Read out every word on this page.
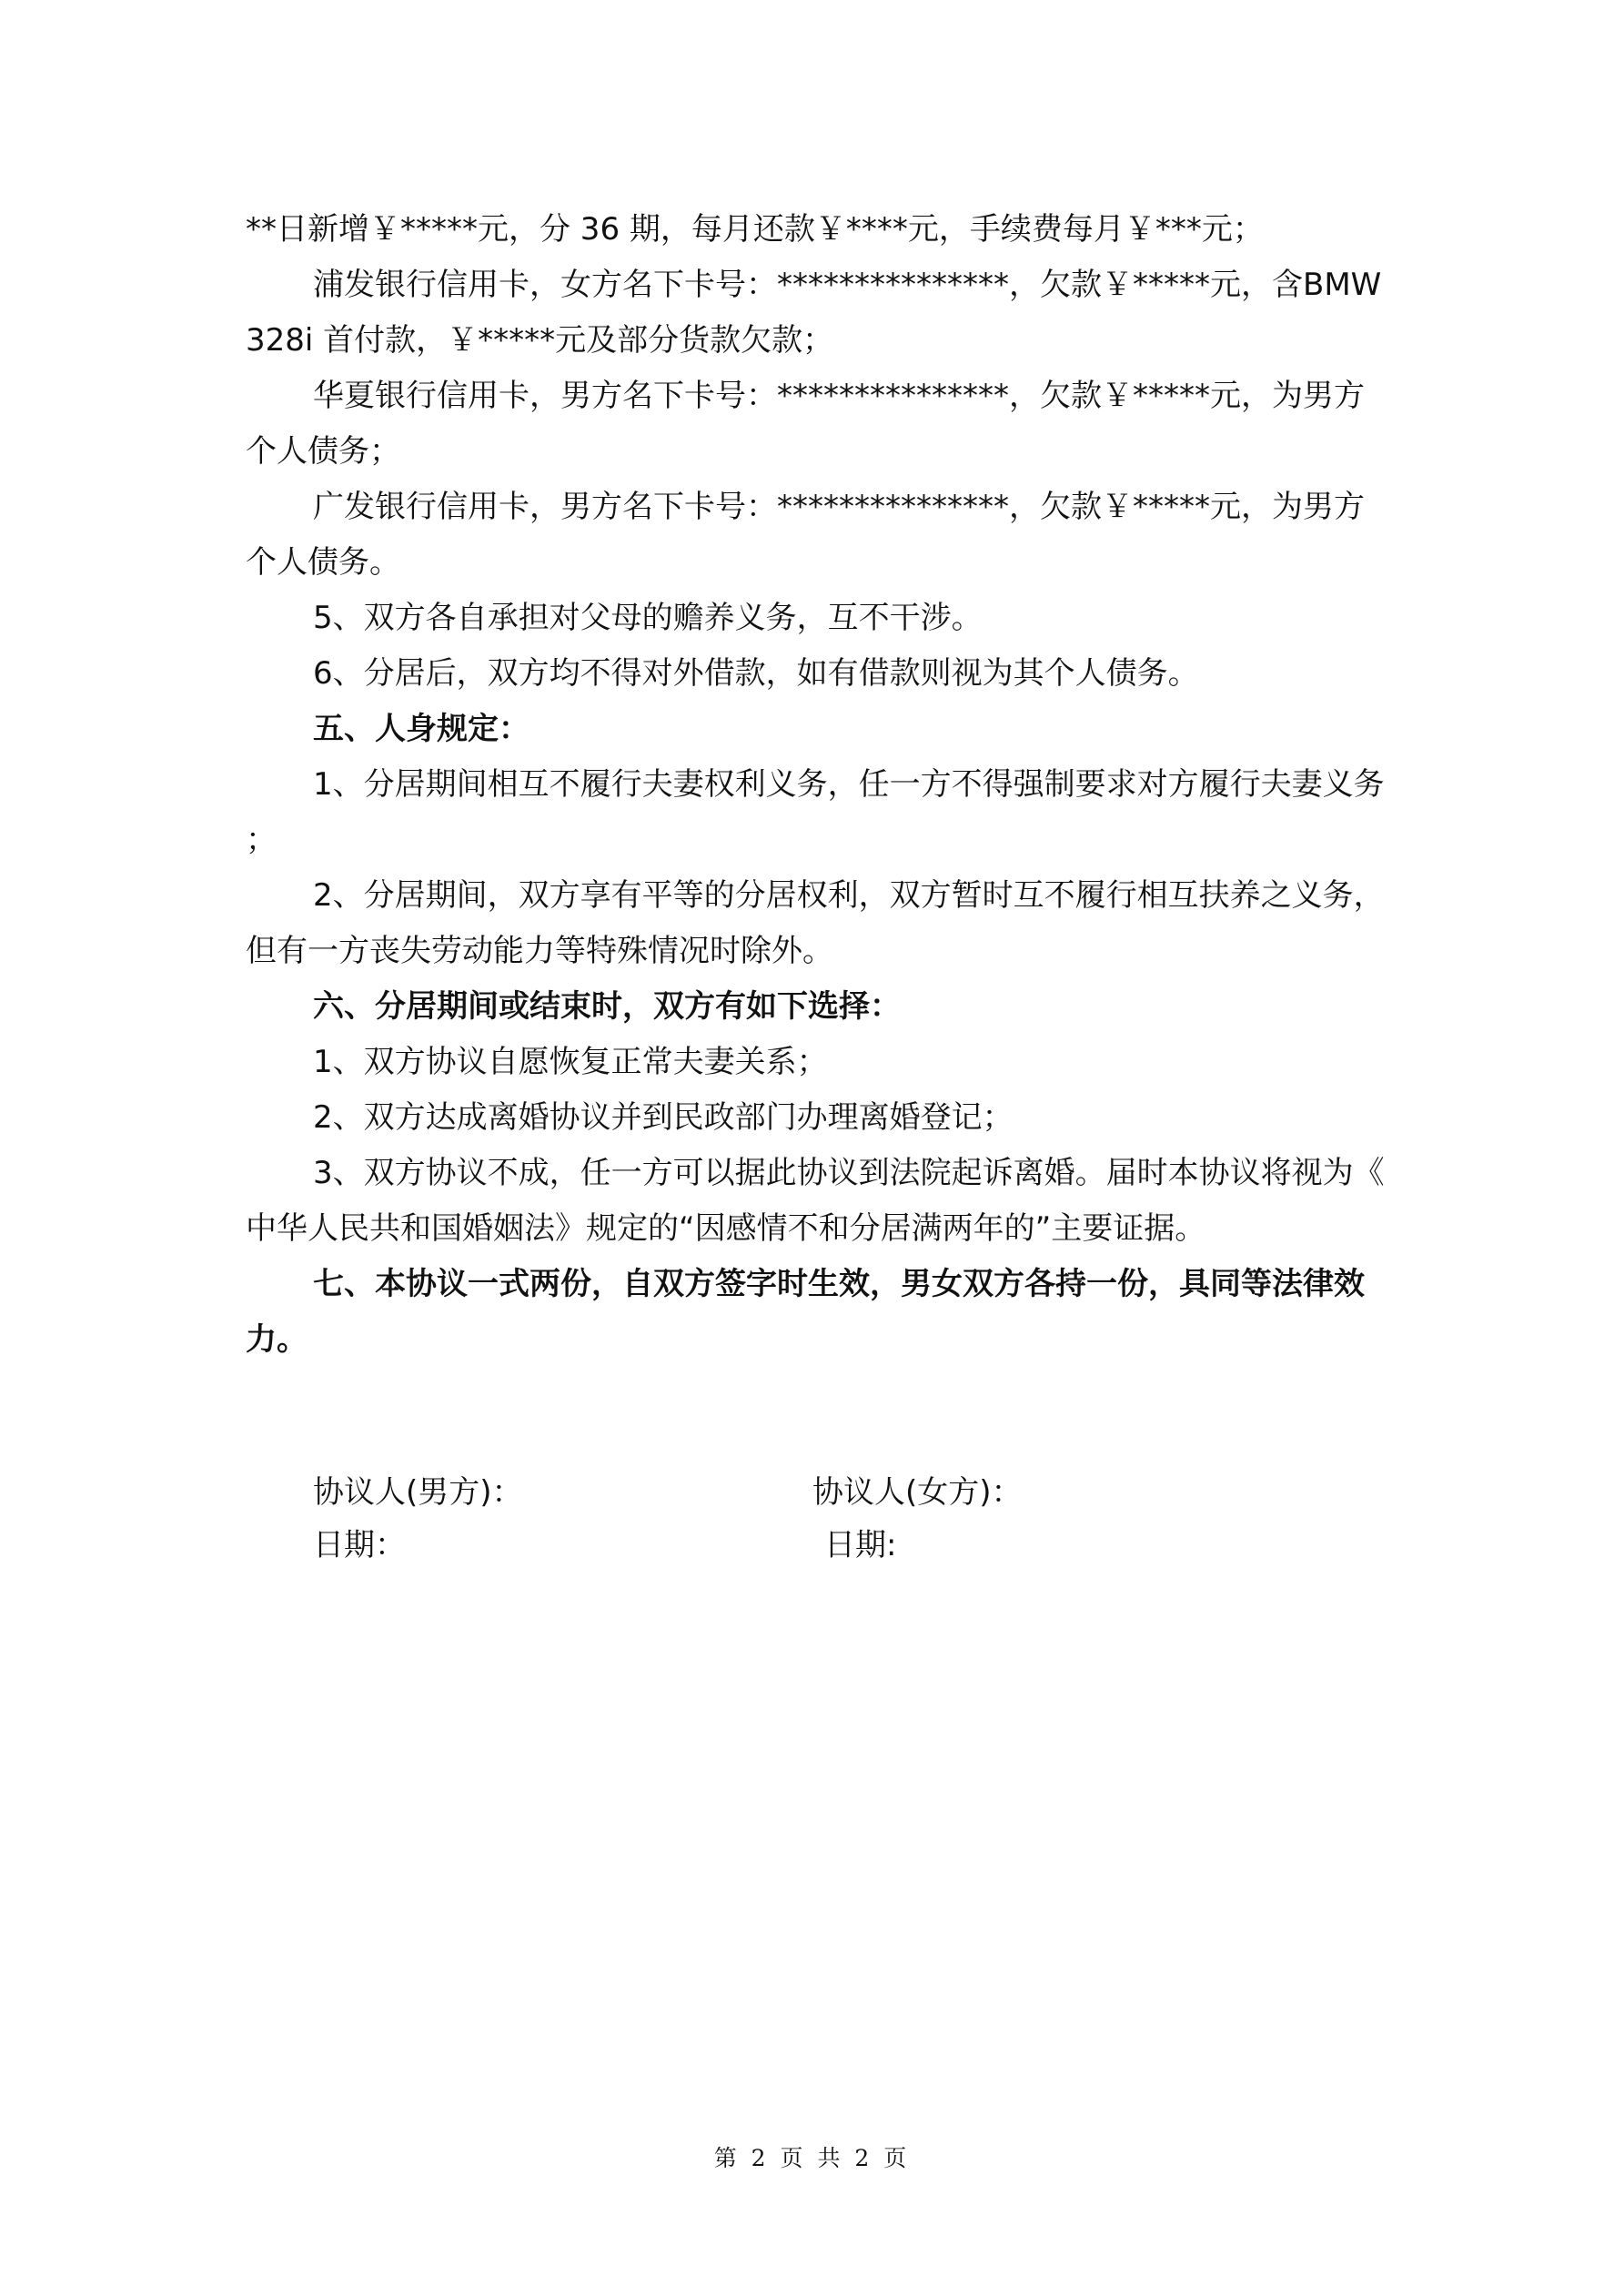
**日新增￥*****元，分 36 期，每月还款￥****元，手续费每月￥***元；

浦发银行信用卡，女方名下卡号：***************，欠款￥*****元，含BMW328i 首付款，￥*****元及部分货款欠款；

华夏银行信用卡，男方名下卡号：***************，欠款￥*****元，为男方个人债务；

广发银行信用卡，男方名下卡号：***************，欠款￥*****元，为男方个人债务。

5、双方各自承担对父母的赡养义务，互不干涉。

6、分居后，双方均不得对外借款，如有借款则视为其个人债务。

五、人身规定：

1、分居期间相互不履行夫妻权利义务，任一方不得强制要求对方履行夫妻义务；

2、分居期间，双方享有平等的分居权利，双方暂时互不履行相互扶养之义务，但有一方丧失劳动能力等特殊情况时除外。

六、分居期间或结束时，双方有如下选择：

1、双方协议自愿恢复正常夫妻关系；

2、双方达成离婚协议并到民政部门办理离婚登记；

3、双方协议不成，任一方可以据此协议到法院起诉离婚。届时本协议将视为《中华人民共和国婚姻法》规定的“因感情不和分居满两年的”主要证据。

七、本协议一式两份，自双方签字时生效，男女双方各持一份，具同等法律效力。

协议人(男方)：	协议人(女方)：
日期：	日期:
第 2 页 共 2 页
